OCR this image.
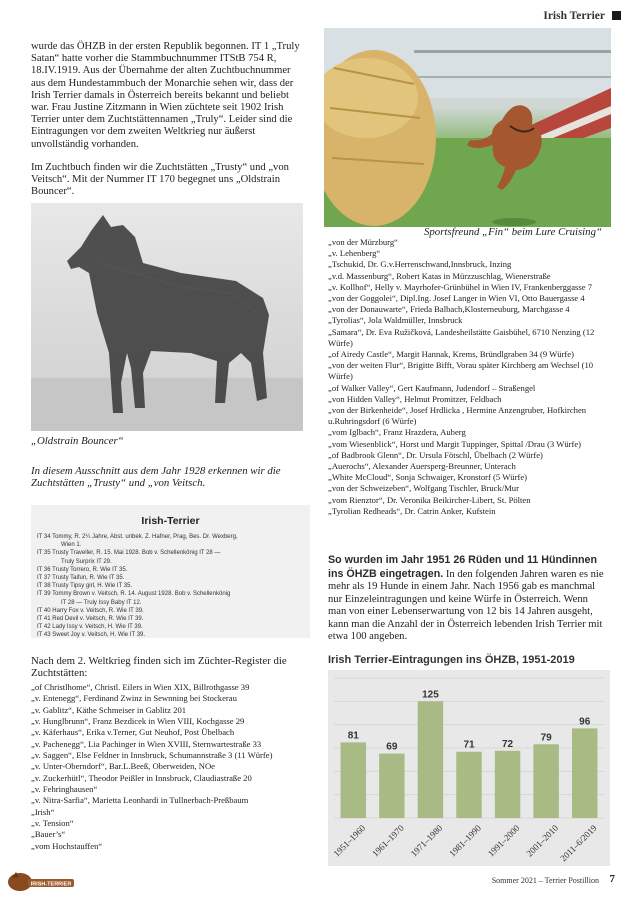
Irish Terrier

wurde das ÖHZB in der ersten Republik begonnen. IT 1 „Truly Satan“ hatte vorher die Stammbuchnummer ITStB 754 R, 18.IV.1919. Aus der Übernahme der alten Zuchtbuchnummer aus dem Hundestammbuch der Monarchie sehen wir, dass der Irish Terrier damals in Österreich bereits bekannt und beliebt war. Frau Justine Zitzmann in Wien züchtete seit 1902 Irish Terrier unter dem Zuchtstättennamen „Truly“. Leider sind die Eintragungen vor dem zweiten Weltkrieg nur äußerst unvollständig vorhanden.

Im Zuchtbuch finden wir die Zuchtstätten „Trusty“ und „von Veitsch“. Mit der Nummer IT 170 begegnet uns „Oldstrain Bouncer“.

„Oldstrain Bouncer“
In diesem Ausschnitt aus dem Jahr 1928 erkennen wir die Zuchtstätten „Trusty“ und „von Veitsch.
Irish-Terrier
IT 34 Tommy, R. 2¼ Jahre, Abst. unbek. Z. Hafner, Prag, Bes. Dr. Wexberg,
Wien 1.
IT 35 Trusty Traveller, R. 15. Mai 1928. Bob v. Schellenkönig IT 28 —
Truly Surprix IT 29.
IT 36 Trusty Torrero, R. Wie IT 35.
IT 37 Trusty Taifun, R. Wie IT 35.
IT 38 Trusty Tipsy girl, H. Wie IT 35.
IT 39 Tommy Brown v. Veitsch, R. 14. August 1928. Bob v. Schellenkönig
IT 28 — Truly Issy Baby IT 12.
IT 40 Harry Fox v. Veitsch, R. Wie IT 39.
IT 41 Red Devil v. Veitsch, R. Wie IT 39.
IT 42 Lady Issy v. Veitsch, H. Wie IT 39.
IT 43 Sweet Joy v. Veitsch, H. Wie IT 39.
Nach dem 2. Weltkrieg finden sich im Züchter-Register die Zuchtstätten:
„of Christlhome“, Christl. Eilers in Wien XIX, Billrothgasse 39
„v. Entenegg“, Ferdinand Zwinz in Sewnning bei Stockerau
„v. Gablitz“, Käthe Schmeiser in Gablitz 201
„v. Hunglbrunn“, Franz Bezdicek in Wien VIII, Kochgasse 29
„v. Käferhaus“, Erika v.Terner, Gut Neuhof, Post Übelbach
„v. Pachenegg“, Lia Pachinger in Wien XVIII, Sternwartestraße 33
„v. Saggen“, Else Feldner in Innsbruck, Schumannstraße 3 (11 Würfe)
„v. Unter-Oberndorf“, Bar.L.Beeß, Oberweiden, NOe
„v. Zuckerhütl“, Theodor Peißler in Innsbruck, Claudiastraße 20
„v. Fehringhausen“
„v. Nitra-Sarfia“, Marietta Leonhardi in Tullnerbach-Preßbaum
„Irish“
„v. Tension“
„Bauer’s“
„vom Hochstauffen“
Sportsfreund „Fin“ beim Lure Cruising“
„von der Mürzburg“
„v. Lehenberg“
„Tschukid, Dr. G.v.Herrenschwand,Innsbruck, Inzing
„v.d. Massenburg“, Robert Katas in Mürzzuschlag, Wienerstraße
„v. Kollhof“, Helly v. Mayrhofer-Grünbühel in Wien IV, Frankenberggasse 7
„von der Goggolei“, Dipl.Ing. Josef Langer in Wien VI, Otto Bauergasse 4
„von der Donauwarte“, Frieda Balbach,Klosterneuburg, Marchgasse 4
„Tyrolias“, Jola Waldmüller, Innsbruck
„Samara“, Dr. Eva Ružičková, Landesheilstätte Gaisbühel, 6710 Nenzing (12 Würfe)
„of Airedy Castle“, Margit Hannak, Krems, Bründlgraben 34 (9 Würfe)
„von der weiten Flur“, Brigitte Bifft, Vorau später Kirchberg am Wechsel (10 Würfe)
„of Walker Valley“, Gert Kaufmann, Judendorf – Straßengel
„von Hidden Valley“, Helmut Promitzer, Feldbach
„von der Birkenheide“, Josef Hrdlicka , Hermine Anzengruber, Hofkirchen u.Ruhringsdorf (6 Würfe)
„vom Iglbach“, Franz Hrazdera, Auberg
„vom Wiesenblick“, Horst und Margit Tuppinger, Spittal /Drau (3 Würfe)
„of Badbrook Glenn“, Dr. Ursula Fötschl, Übelbach (2 Würfe)
„Auerochs“, Alexander Auersperg-Breunner, Unterach
„White McCloud“, Sonja Schwaiger, Kronstorf (5 Würfe)
„von der Schweizeben“, Wolfgang Tischler, Bruck/Mur
„vom Rienztor“, Dr. Veronika Beikircher-Libert, St. Pölten
„Tyrolian Redheads“, Dr. Catrin Anker, Kufstein
So wurden im Jahr 1951 26 Rüden und 11 Hündinnen ins ÖHZB eingetragen. In den folgenden Jahren waren es nie mehr als 19 Hunde in einem Jahr. Nach 1956 gab es manchmal nur Einzeleintragungen und keine Würfe in Österreich. Wenn man von einer Lebenserwartung von 12 bis 14 Jahren ausgeht, kann man die Anzahl der in Österreich lebenden Irish Terrier mit etwa 100 angeben.
Irish Terrier-Eintragungen ins ÖHZB, 1951-2019
81
1951–1960
69
1961–1970
125
1971–1980
71
1981–1990
72
1991–2000
79
2001–2010
96
2011–6/2019
IRISH-TERRIER	Sommer 2021 – Terrier Postillion 7
